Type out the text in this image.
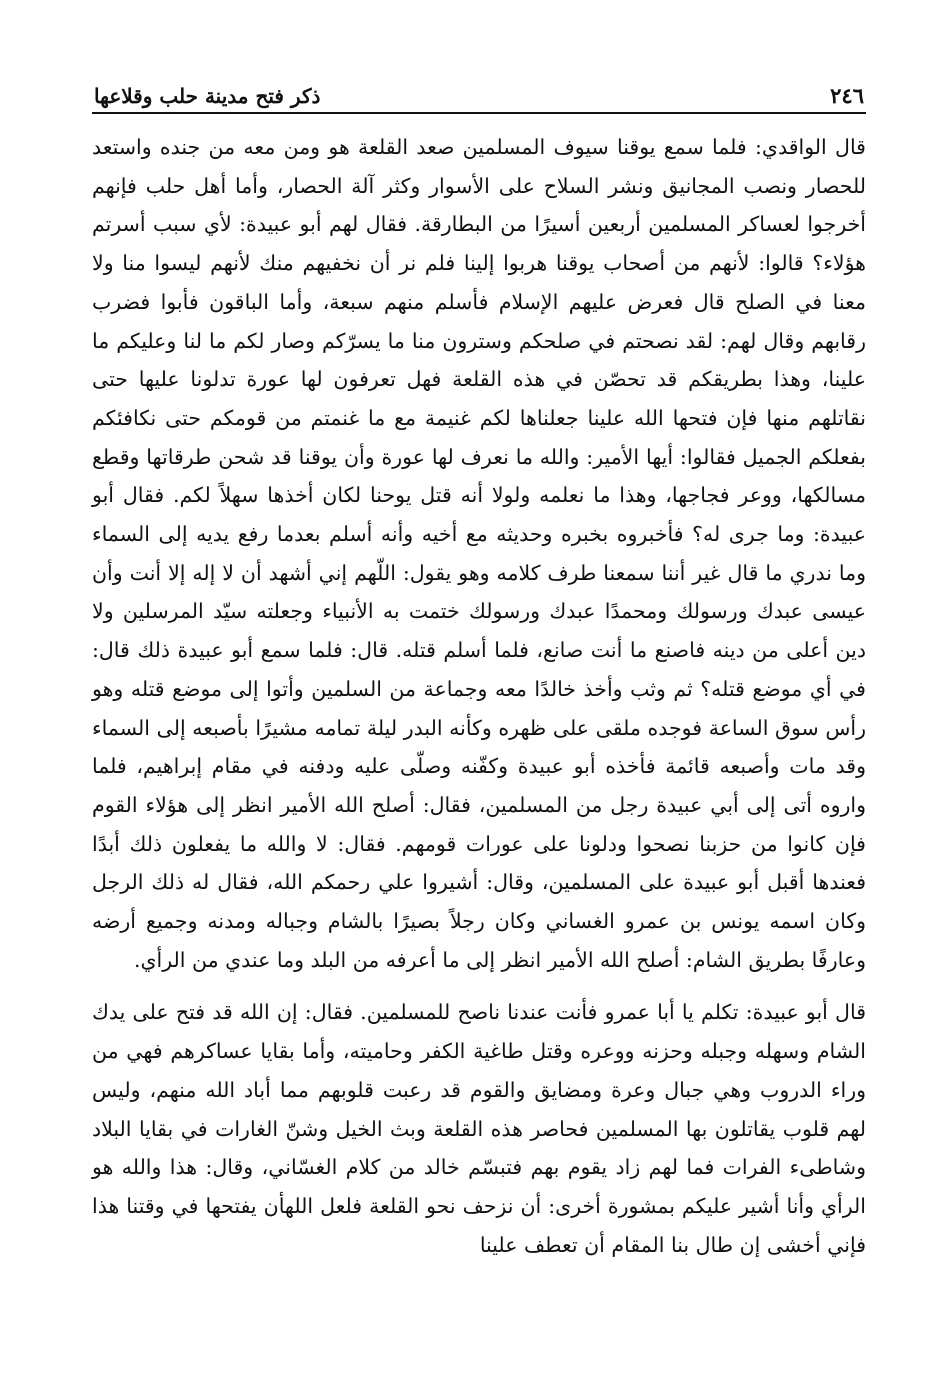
٢٤٦
ذكر فتح مدينة حلب وقلاعها

قال الواقدي: فلما سمع يوقنا سيوف المسلمين صعد القلعة هو ومن معه من جنده واستعد للحصار ونصب المجانيق ونشر السلاح على الأسوار وكثر آلة الحصار، وأما أهل حلب فإنهم أخرجوا لعساكر المسلمين أربعين أسيرًا من البطارقة. فقال لهم أبو عبيدة: لأي سبب أسرتم هؤلاء؟ قالوا: لأنهم من أصحاب يوقنا هربوا إلينا فلم نر أن نخفيهم منك لأنهم ليسوا منا ولا معنا في الصلح قال فعرض عليهم الإسلام فأسلم منهم سبعة، وأما الباقون فأبوا فضرب رقابهم وقال لهم: لقد نصحتم في صلحكم وسترون منا ما يسرّكم وصار لكم ما لنا وعليكم ما علينا، وهذا بطريقكم قد تحصّن في هذه القلعة فهل تعرفون لها عورة تدلونا عليها حتى نقاتلهم منها فإن فتحها الله علينا جعلناها لكم غنيمة مع ما غنمتم من قومكم حتى نكافئكم بفعلكم الجميل فقالوا: أيها الأمير: والله ما نعرف لها عورة وأن يوقنا قد شحن طرقاتها وقطع مسالكها، ووعر فجاجها، وهذا ما نعلمه ولولا أنه قتل يوحنا لكان أخذها سهلاً لكم. فقال أبو عبيدة: وما جرى له؟ فأخبروه بخبره وحديثه مع أخيه وأنه أسلم بعدما رفع يديه إلى السماء وما ندري ما قال غير أننا سمعنا طرف كلامه وهو يقول: اللّهم إني أشهد أن لا إله إلا أنت وأن عيسى عبدك ورسولك ومحمدًا عبدك ورسولك ختمت به الأنبياء وجعلته سيّد المرسلين ولا دين أعلى من دينه فاصنع ما أنت صانع، فلما أسلم قتله. قال: فلما سمع أبو عبيدة ذلك قال: في أي موضع قتله؟ ثم وثب وأخذ خالدًا معه وجماعة من السلمين وأتوا إلى موضع قتله وهو رأس سوق الساعة فوجده ملقى على ظهره وكأنه البدر ليلة تمامه مشيرًا بأصبعه إلى السماء وقد مات وأصبعه قائمة فأخذه أبو عبيدة وكفّنه وصلّى عليه ودفنه في مقام إبراهيم، فلما واروه أتى إلى أبي عبيدة رجل من المسلمين، فقال: أصلح الله الأمير انظر إلى هؤلاء القوم فإن كانوا من حزبنا نصحوا ودلونا على عورات قومهم. فقال: لا والله ما يفعلون ذلك أبدًا فعندها أقبل أبو عبيدة على المسلمين، وقال: أشيروا علي رحمكم الله، فقال له ذلك الرجل وكان اسمه يونس بن عمرو الغساني وكان رجلاً بصيرًا بالشام وجباله ومدنه وجميع أرضه وعارفًا بطريق الشام: أصلح الله الأمير انظر إلى ما أعرفه من البلد وما عندي من الرأي.

قال أبو عبيدة: تكلم يا أبا عمرو فأنت عندنا ناصح للمسلمين. فقال: إن الله قد فتح على يدك الشام وسهله وجبله وحزنه ووعره وقتل طاغية الكفر وحاميته، وأما بقايا عساكرهم فهي من وراء الدروب وهي جبال وعرة ومضايق والقوم قد رعبت قلوبهم مما أباد الله منهم، وليس لهم قلوب يقاتلون بها المسلمين فحاصر هذه القلعة وبث الخيل وشنّ الغارات في بقايا البلاد وشاطىء الفرات فما لهم زاد يقوم بهم فتبسّم خالد من كلام الغسّاني، وقال: هذا والله هو الرأي وأنا أشير عليكم بمشورة أخرى: أن نزحف نحو القلعة فلعل اللهأن يفتحها في وقتنا هذا فإني أخشى إن طال بنا المقام أن تعطف علينا
